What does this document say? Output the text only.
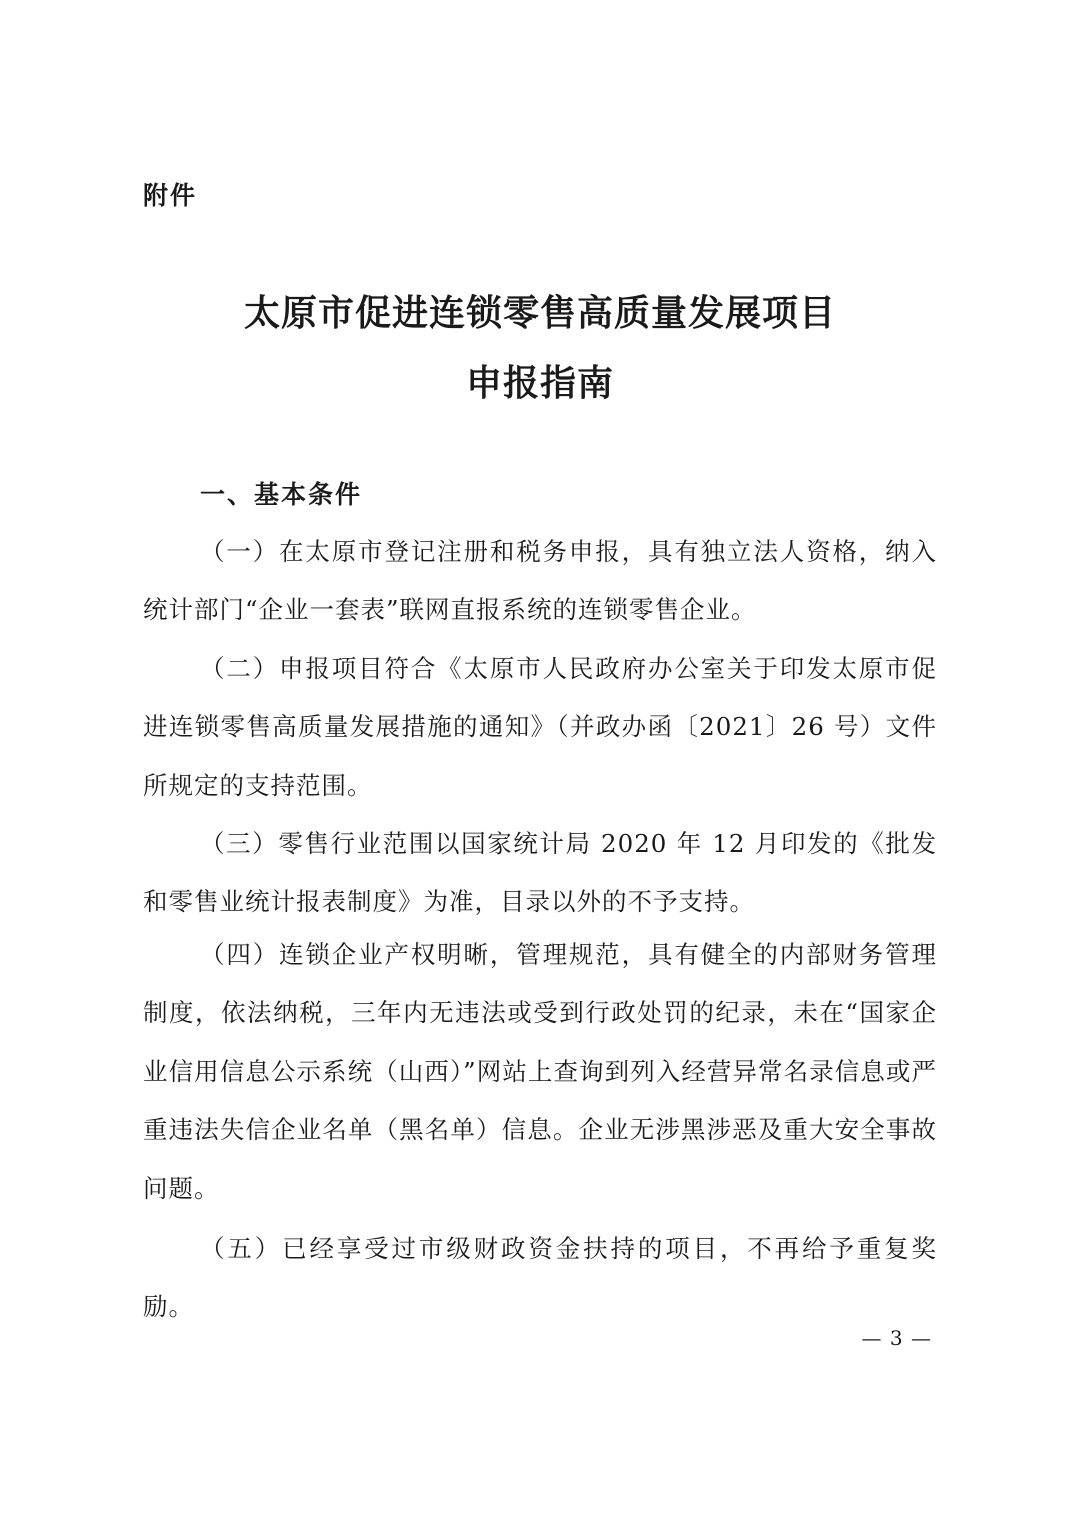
附件
太原市促进连锁零售高质量发展项目
申报指南
一、基本条件

（一）在太原市登记注册和税务申报，具有独立法人资格，纳入统计部门“企业一套表”联网直报系统的连锁零售企业。

（二）申报项目符合《太原市人民政府办公室关于印发太原市促进连锁零售高质量发展措施的通知》（并政办函〔2021〕26 号）文件所规定的支持范围。

（三）零售行业范围以国家统计局 2020 年 12 月印发的《批发和零售业统计报表制度》为准，目录以外的不予支持。

（四）连锁企业产权明晰，管理规范，具有健全的内部财务管理制度，依法纳税，三年内无违法或受到行政处罚的纪录，未在“国家企业信用信息公示系统（山西）”网站上查询到列入经营异常名录信息或严重违法失信企业名单（黑名单）信息。企业无涉黑涉恶及重大安全事故问题。

（五）已经享受过市级财政资金扶持的项目，不再给予重复奖励。

— 3 —
